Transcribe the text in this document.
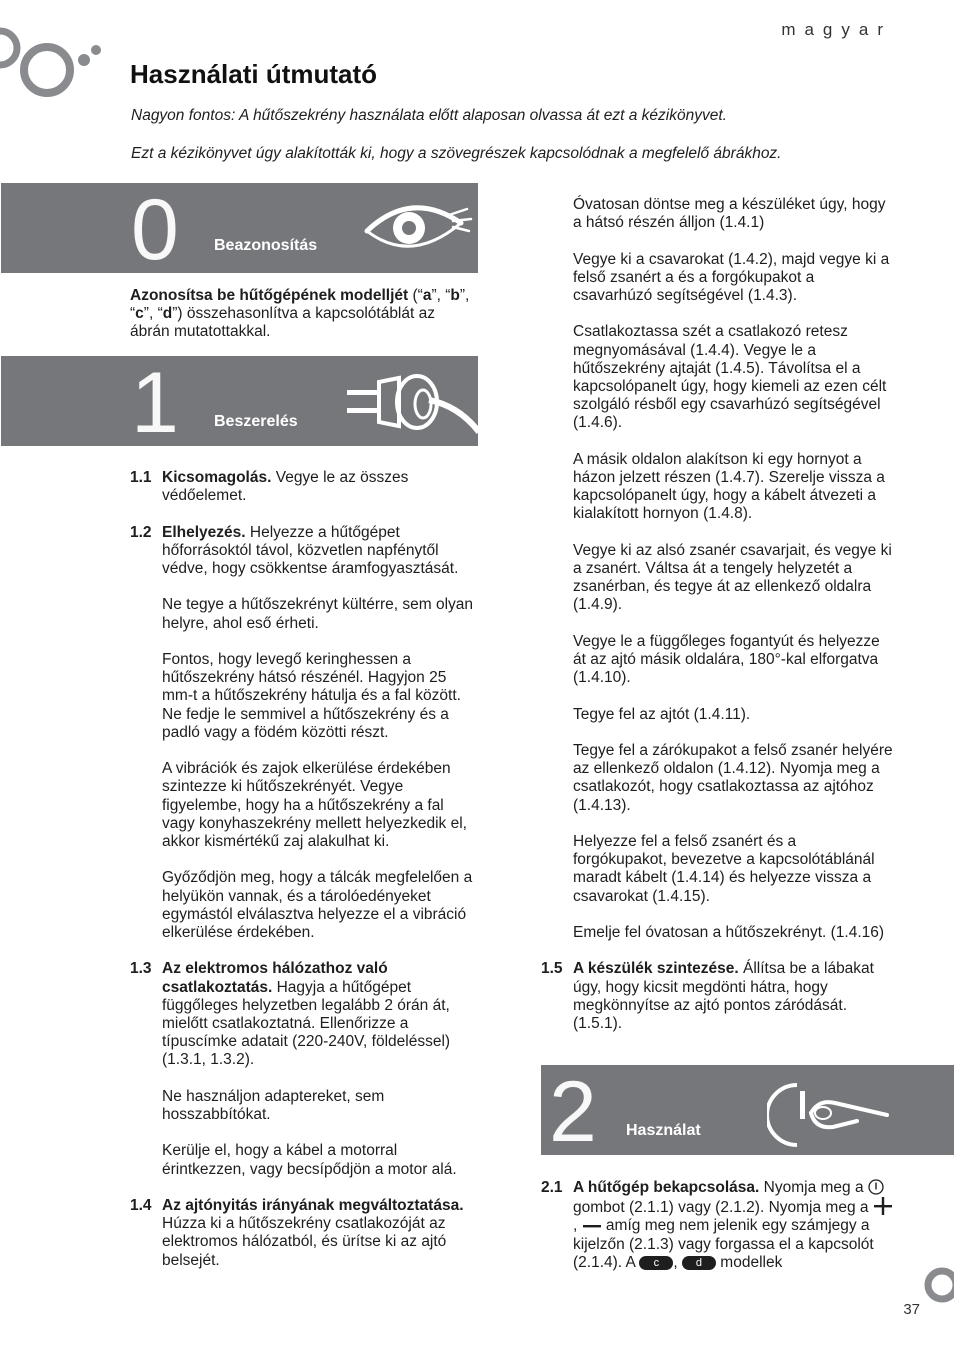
magyar
Használati útmutató
Nagyon fontos: A hűtőszekrény használata előtt alaposan olvassa át ezt a kézikönyvet.
Ezt a kézikönyvet úgy alakították ki, hogy a szövegrészek kapcsolódnak a megfelelő ábrákhoz.
0 Beazonosítás
Azonosítsa be hűtőgépének modelljét (“a”, “b”, “c”, “d”) összehasonlítva a kapcsolótáblát az ábrán mutatottakkal.
1 Beszerelés
1.1 Kicsomagolás. Vegye le az összes védőelemet.

1.2 Elhelyezés. Helyezze a hűtőgépet hőforrásoktól távol, közvetlen napfénytől védve, hogy csökkentse áramfogyasztását.

Ne tegye a hűtőszekrényt kültérre, sem olyan helyre, ahol eső érheti.

Fontos, hogy levegő keringhessen a hűtőszekrény hátsó részénél. Hagyjon 25 mm-t a hűtőszekrény hátulja és a fal között. Ne fedje le semmivel a hűtőszekrény és a padló vagy a födém közötti részt.

A vibrációk és zajok elkerülése érdekében szintezze ki hűtőszekrényét. Vegye figyelembe, hogy ha a hűtőszekrény a fal vagy konyhaszekrény mellett helyezkedik el, akkor kismértékű zaj alakulhat ki.

Győződjön meg, hogy a tálcák megfelelően a helyükön vannak, és a tárolóedényeket egymástól elválasztva helyezze el a vibráció elkerülése érdekében.

1.3 Az elektromos hálózathoz való csatlakoztatás. Hagyja a hűtőgépet függőleges helyzetben legalább 2 órán át, mielőtt csatlakoztatná. Ellenőrizze a típuscímke adatait (220-240V, földeléssel) (1.3.1, 1.3.2).

Ne használjon adaptereket, sem hosszabbítókat.

Kerülje el, hogy a kábel a motorral érintkezzen, vagy becsípődjön a motor alá.

1.4 Az ajtónyitás irányának megváltoztatása. Húzza ki a hűtőszekrény csatlakozóját az elektromos hálózatból, és ürítse ki az ajtó belsejét.

Óvatosan döntse meg a készüléket úgy, hogy a hátsó részén álljon (1.4.1)

Vegye ki a csavarokat (1.4.2), majd vegye ki a felső zsanért a és a forgókupakot a csavarhúzó segítségével (1.4.3).

Csatlakoztassa szét a csatlakozó retesz megnyomásával (1.4.4). Vegye le a hűtőszekrény ajtaját (1.4.5). Távolítsa el a kapcsolópanelt úgy, hogy kiemeli az ezen célt szolgáló résből egy csavarhúzó segítségével (1.4.6).

A másik oldalon alakítson ki egy hornyot a házon jelzett részen (1.4.7). Szerelje vissza a kapcsolópanelt úgy, hogy a kábelt átvezeti a kialakított hornyon (1.4.8).

Vegye ki az alsó zsanér csavarjait, és vegye ki a zsanért. Váltsa át a tengely helyzetét a zsanérban, és tegye át az ellenkező oldalra (1.4.9).

Vegye le a függőleges fogantyút és helyezze át az ajtó másik oldalára, 180°-kal elforgatva (1.4.10).

Tegye fel az ajtót (1.4.11).

Tegye fel a zárókupakot a felső zsanér helyére az ellenkező oldalon (1.4.12). Nyomja meg a csatlakozót, hogy csatlakoztassa az ajtóhoz (1.4.13).

Helyezze fel a felső zsanért és a forgókupakot, bevezetve a kapcsolótáblánál maradt kábelt (1.4.14) és helyezze vissza a csavarokat (1.4.15).

Emelje fel óvatosan a hűtőszekrényt. (1.4.16)

1.5 A készülék szintezése. Állítsa be a lábakat úgy, hogy kicsit megdönti hátra, hogy megkönnyítse az ajtó pontos záródását. (1.5.1).

2 Használat
2.1 A hűtőgép bekapcsolása. Nyomja meg a  gombot (2.1.1) vagy (2.1.2). Nyomja meg a  ,  amíg meg nem jelenik egy számjegy a kijelzőn (2.1.3) vagy forgassa el a kapcsolót (2.1.4). A c , d modellek

37
